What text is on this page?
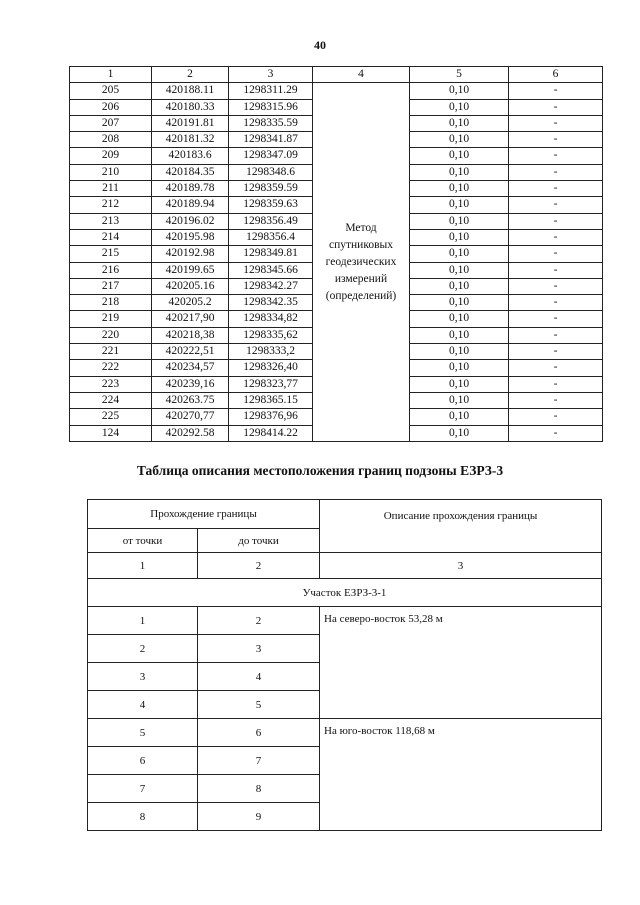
40
1	2	3	4	5	6
205	420188.11	1298311.29	Метод
спутниковых
геодезических
измерений
(определений)	0,10	-
206	420180.33	1298315.96		0,10	-
207	420191.81	1298335.59		0,10	-
208	420181.32	1298341.87		0,10	-
209	420183.6	1298347.09		0,10	-
210	420184.35	1298348.6		0,10	-
211	420189.78	1298359.59		0,10	-
212	420189.94	1298359.63		0,10	-
213	420196.02	1298356.49		0,10	-
214	420195.98	1298356.4		0,10	-
215	420192.98	1298349.81		0,10	-
216	420199.65	1298345.66		0,10	-
217	420205.16	1298342.27		0,10	-
218	420205.2	1298342.35		0,10	-
219	420217,90	1298334,82		0,10	-
220	420218,38	1298335,62		0,10	-
221	420222,51	1298333,2		0,10	-
222	420234,57	1298326,40		0,10	-
223	420239,16	1298323,77		0,10	-
224	420263.75	1298365.15		0,10	-
225	420270,77	1298376,96		0,10	-
124	420292.58	1298414.22		0,10	-
Таблица описания местоположения границ подзоны ЕЗРЗ-3
Прохождение границы		Описание прохождения границы
от точки	до точки	
1	2	3
Участок ЕЗРЗ-3-1		
1	2	На северо-восток 53,28 м
2	3	
3	4	
4	5	
5	6	На юго-восток 118,68 м
6	7	
7	8	
8	9	
